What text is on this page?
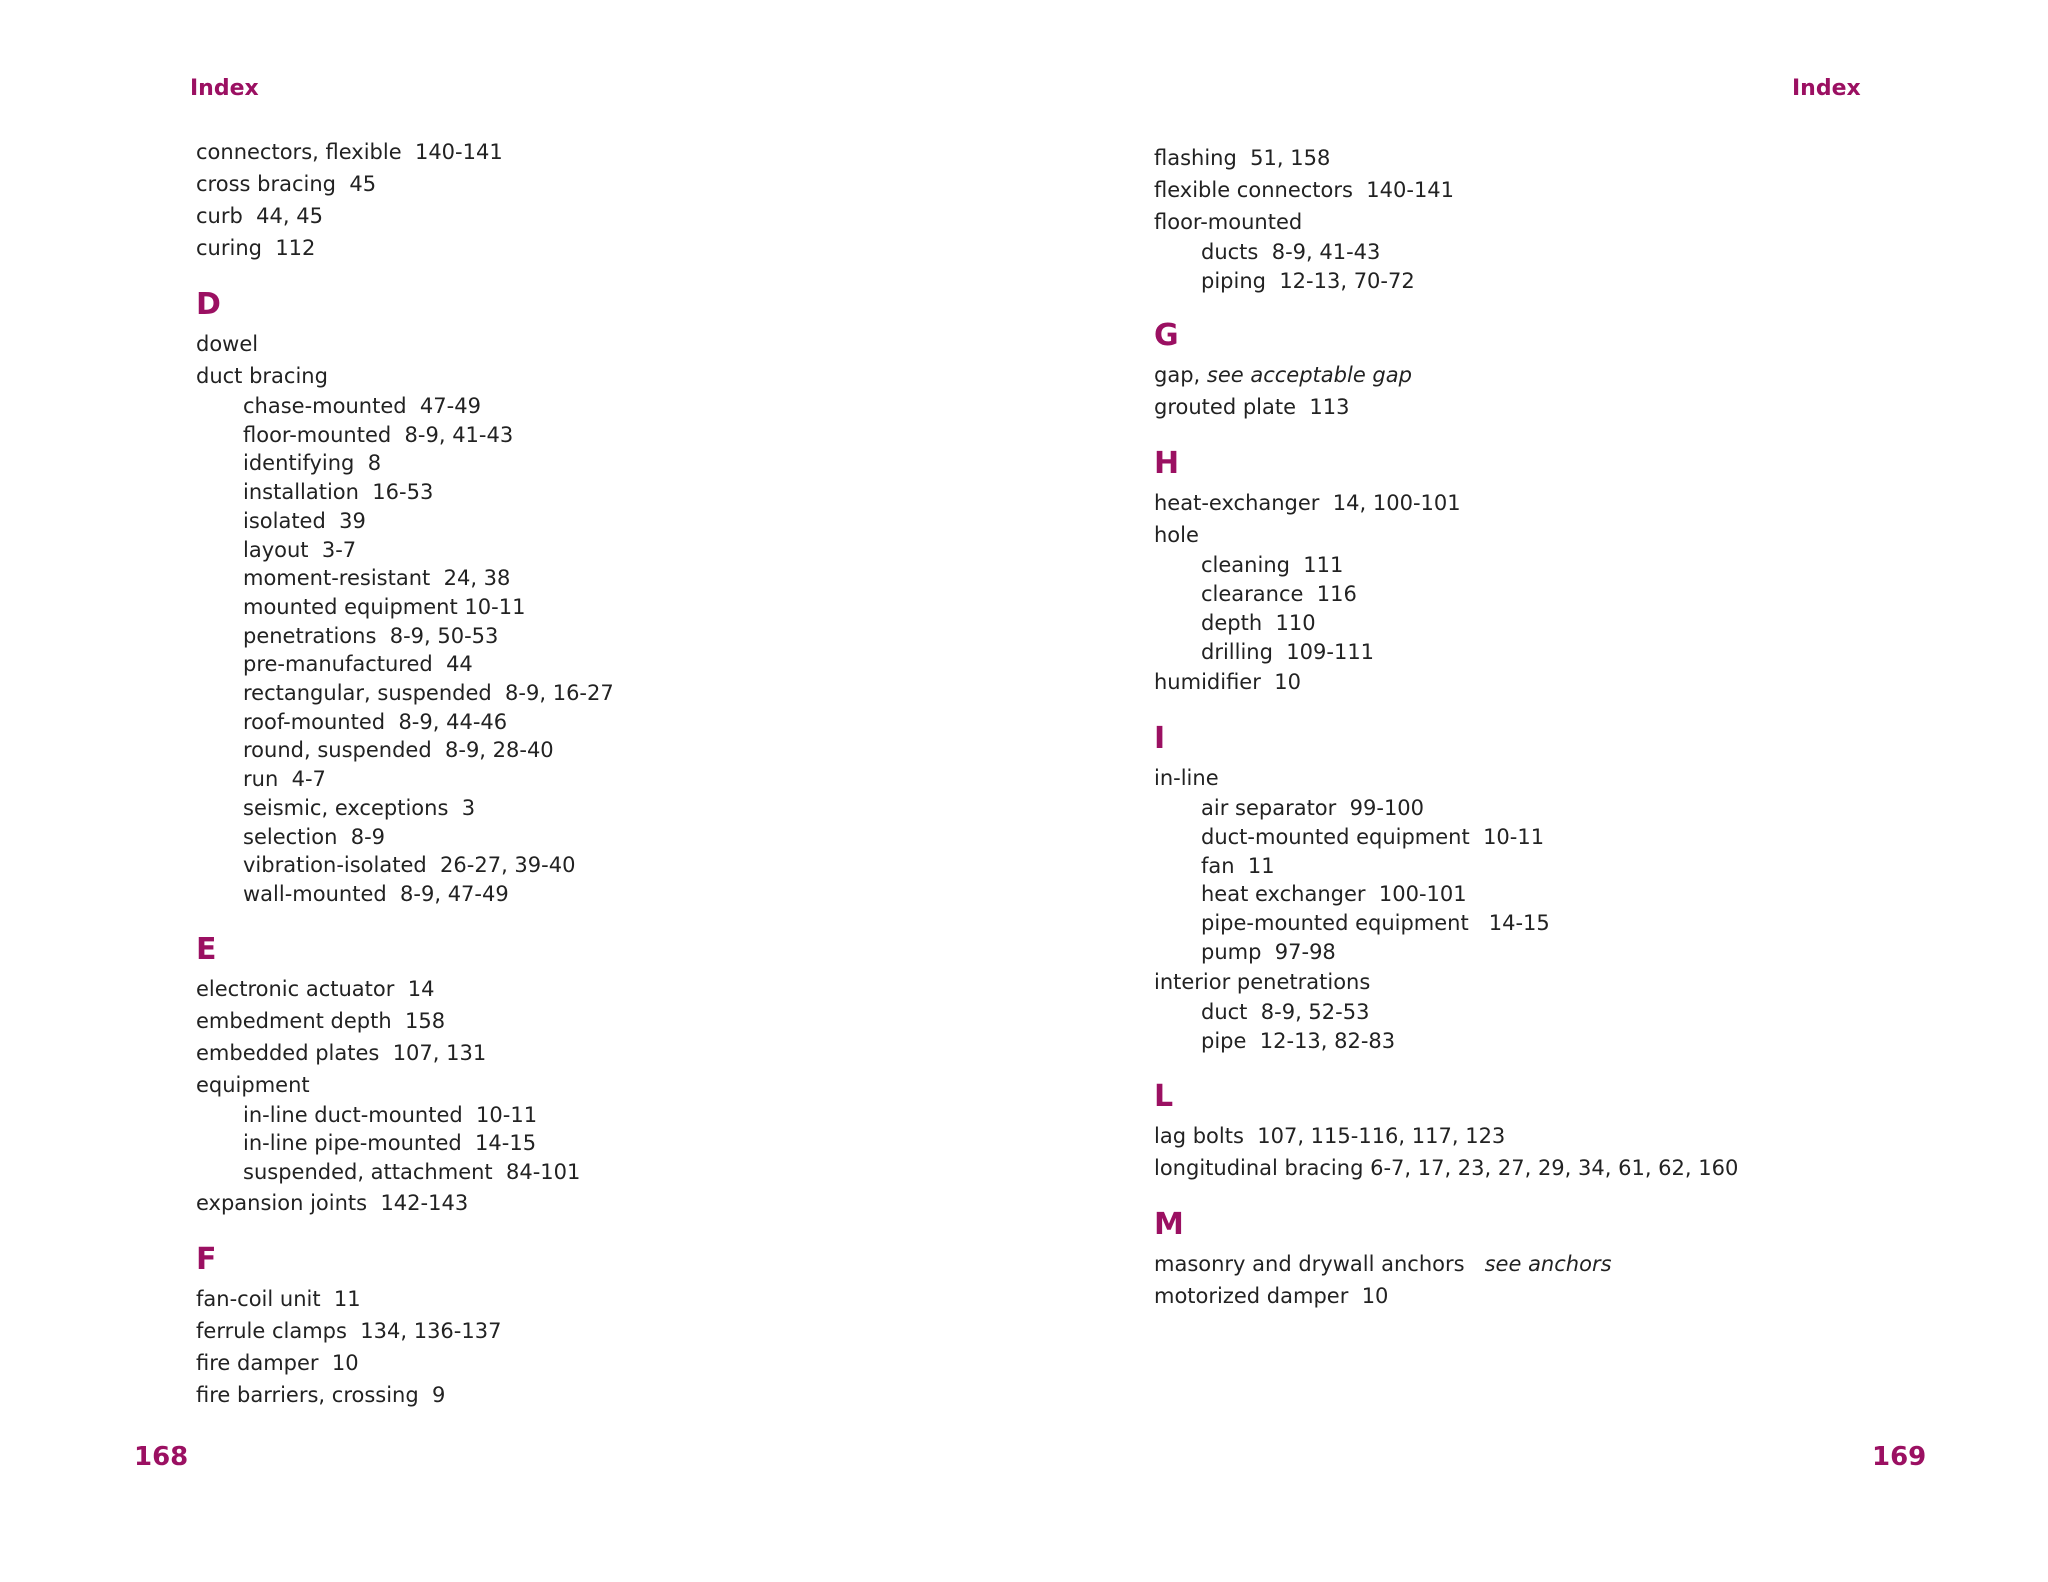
Index
connectors, flexible  140-141
cross bracing  45
curb  44, 45
curing  112
D
dowel
duct bracing
chase-mounted  47-49
floor-mounted  8-9, 41-43
identifying  8
installation  16-53
isolated  39
layout  3-7
moment-resistant  24, 38
mounted equipment 10-11
penetrations  8-9, 50-53
pre-manufactured  44
rectangular, suspended  8-9, 16-27
roof-mounted  8-9, 44-46
round, suspended  8-9, 28-40
run  4-7
seismic, exceptions  3
selection  8-9
vibration-isolated  26-27, 39-40
wall-mounted  8-9, 47-49
E
electronic actuator  14
embedment depth  158
embedded plates  107, 131
equipment
in-line duct-mounted  10-11
in-line pipe-mounted  14-15
suspended, attachment  84-101
expansion joints  142-143
F
fan-coil unit  11
ferrule clamps  134, 136-137
fire damper  10
fire barriers, crossing  9
168
Index
flashing  51, 158
flexible connectors  140-141
floor-mounted
ducts  8-9, 41-43
piping  12-13, 70-72
G
gap, see acceptable gap
grouted plate  113
H
heat-exchanger  14, 100-101
hole
cleaning  111
clearance  116
depth  110
drilling  109-111
humidifier  10
I
in-line
air separator  99-100
duct-mounted equipment  10-11
fan  11
heat exchanger  100-101
pipe-mounted equipment   14-15
pump  97-98
interior penetrations
duct  8-9, 52-53
pipe  12-13, 82-83
L
lag bolts  107, 115-116, 117, 123
longitudinal bracing 6-7, 17, 23, 27, 29, 34, 61, 62, 160
M
masonry and drywall anchors   see anchors
motorized damper  10
169
